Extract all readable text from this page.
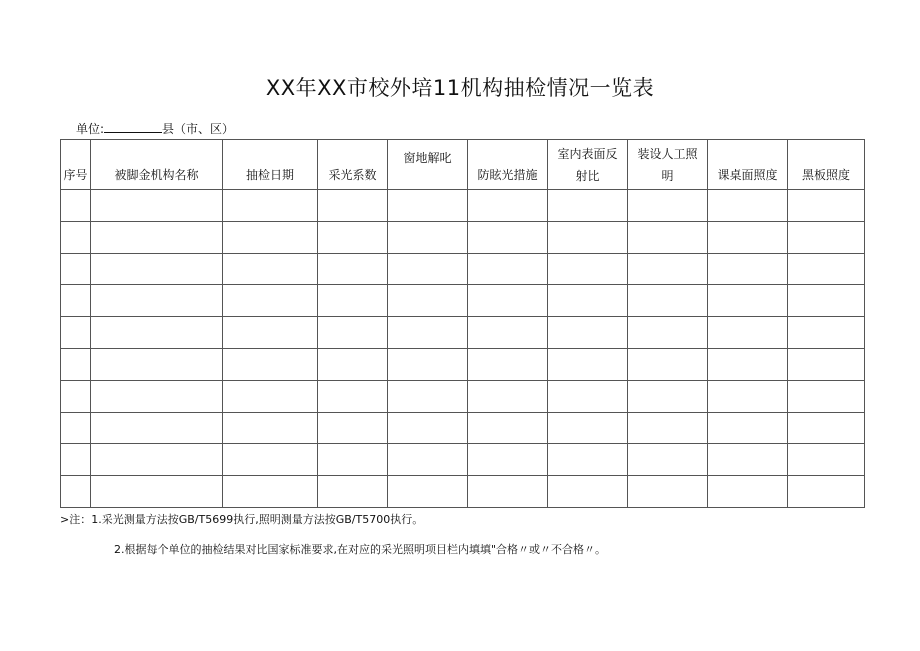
XX年XX市校外培11机构抽检情况一览表
单位:	县（市、区）
序号	被脚金机构名称	抽检日期	采光系数	窗地解叱	防眩光措施	室内表面反射比	装设人工照明	课桌面照度	黑板照度

>注：1.采光测量方法按GB/T5699执行,照明测量方法按GB/T5700执行。
2.根据每个单位的抽检结果对比国家标准要求,在对应的采光照明项目栏内填填"合格〃或〃不合格〃。
